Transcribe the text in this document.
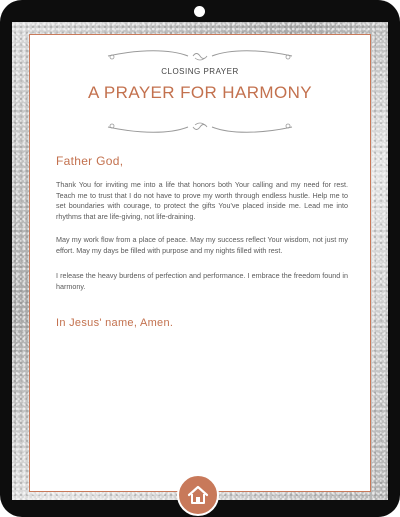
CLOSING PRAYER
A PRAYER FOR HARMONY
Father God,

Thank You for inviting me into a life that honors both Your calling and my need for rest. Teach me to trust that I do not have to prove my worth through endless hustle. Help me to set boundaries with courage, to protect the gifts You've placed inside me. Lead me into rhythms that are life-giving, not life-draining.

May my work flow from a place of peace. May my success reflect Your wisdom, not just my effort. May my days be filled with purpose and my nights filled with rest.

I release the heavy burdens of perfection and performance. I embrace the freedom found in harmony.

In Jesus' name, Amen.
